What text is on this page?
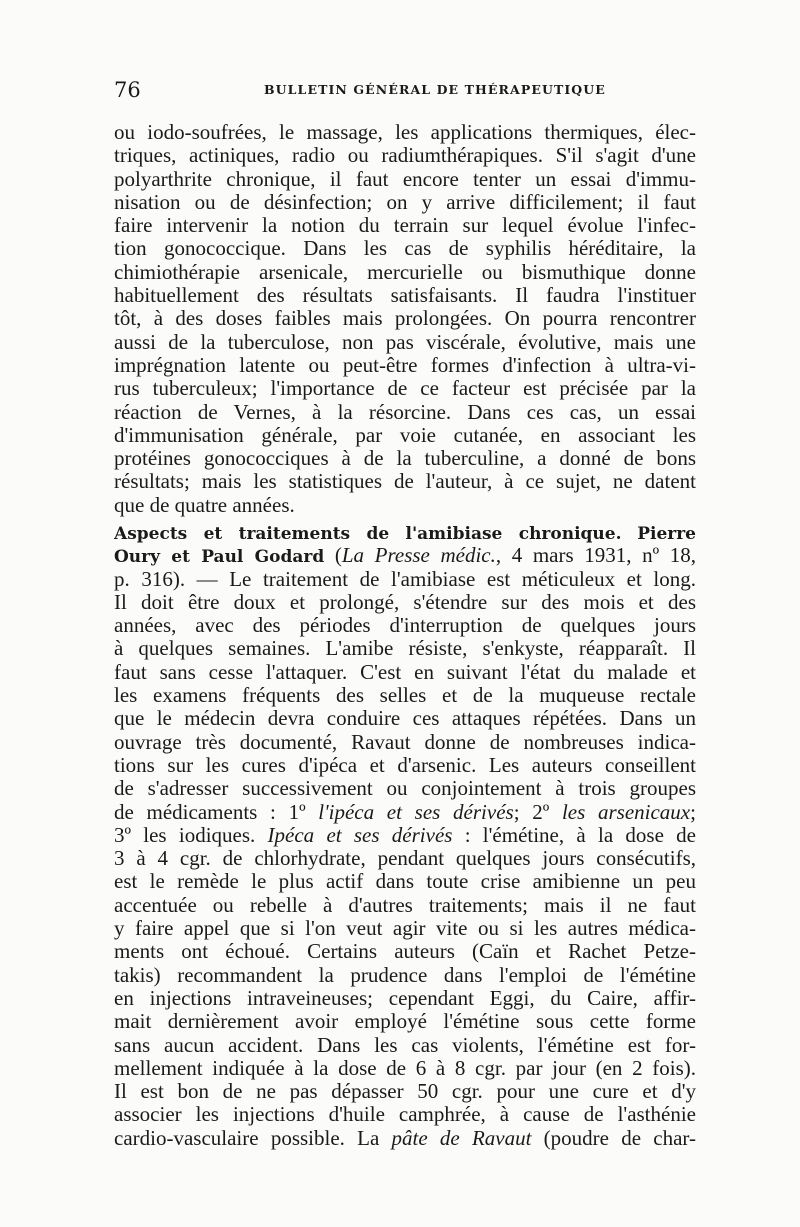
76	BULLETIN GÉNÉRAL DE THÉRAPEUTIQUE
ou iodo-soufrées, le massage, les applications thermiques, élec-
triques, actiniques, radio ou radiumthérapiques. S'il s'agit d'une
polyarthrite chronique, il faut encore tenter un essai d'immu-
nisation ou de désinfection; on y arrive difficilement; il faut
faire intervenir la notion du terrain sur lequel évolue l'infec-
tion gonococcique. Dans les cas de syphilis héréditaire, la
chimiothérapie arsenicale, mercurielle ou bismuthique donne
habituellement des résultats satisfaisants. Il faudra l'instituer
tôt, à des doses faibles mais prolongées. On pourra rencontrer
aussi de la tuberculose, non pas viscérale, évolutive, mais une
imprégnation latente ou peut-être formes d'infection à ultra-vi-
rus tuberculeux; l'importance de ce facteur est précisée par la
réaction de Vernes, à la résorcine. Dans ces cas, un essai
d'immunisation générale, par voie cutanée, en associant les
protéines gonococciques à de la tuberculine, a donné de bons
résultats; mais les statistiques de l'auteur, à ce sujet, ne datent
que de quatre années.
Aspects et traitements de l'amibiase chronique. Pierre
Oury et Paul Godard (La Presse médic., 4 mars 1931, nº 18,
p. 316). — Le traitement de l'amibiase est méticuleux et long.
Il doit être doux et prolongé, s'étendre sur des mois et des
années, avec des périodes d'interruption de quelques jours
à quelques semaines. L'amibe résiste, s'enkyste, réapparaît. Il
faut sans cesse l'attaquer. C'est en suivant l'état du malade et
les examens fréquents des selles et de la muqueuse rectale
que le médecin devra conduire ces attaques répétées. Dans un
ouvrage très documenté, Ravaut donne de nombreuses indica-
tions sur les cures d'ipéca et d'arsenic. Les auteurs conseillent
de s'adresser successivement ou conjointement à trois groupes
de médicaments : 1º l'ipéca et ses dérivés; 2º les arsenicaux;
3º les iodiques. Ipéca et ses dérivés : l'émétine, à la dose de
3 à 4 cgr. de chlorhydrate, pendant quelques jours consécutifs,
est le remède le plus actif dans toute crise amibienne un peu
accentuée ou rebelle à d'autres traitements; mais il ne faut
y faire appel que si l'on veut agir vite ou si les autres médica-
ments ont échoué. Certains auteurs (Caïn et Rachet Petze-
takis) recommandent la prudence dans l'emploi de l'émétine
en injections intraveineuses; cependant Eggi, du Caire, affir-
mait dernièrement avoir employé l'émétine sous cette forme
sans aucun accident. Dans les cas violents, l'émétine est for-
mellement indiquée à la dose de 6 à 8 cgr. par jour (en 2 fois).
Il est bon de ne pas dépasser 50 cgr. pour une cure et d'y
associer les injections d'huile camphrée, à cause de l'asthénie
cardio-vasculaire possible. La pâte de Ravaut (poudre de char-
